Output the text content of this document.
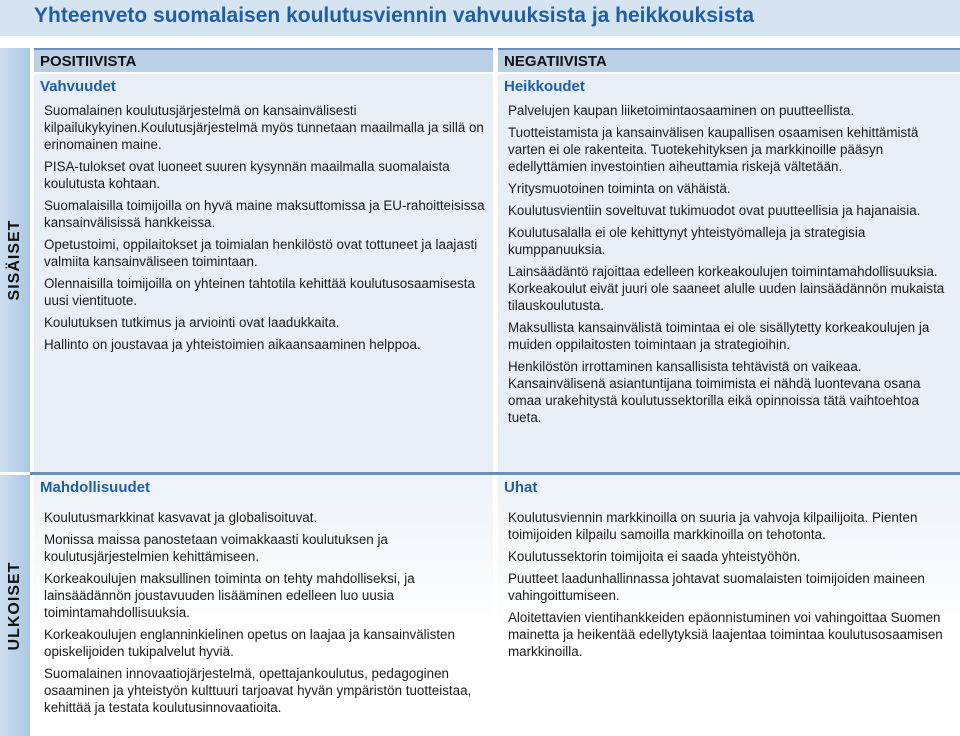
Yhteenveto suomalaisen koulutusviennin vahvuuksista ja heikkouksista
SISÄISET
ULKOISET
POSITIIVISTA	NEGATIIVISTA
Vahvuudet

Suomalainen koulutusjärjestelmä on kansainvälisesti kilpailukykyinen.Koulutusjärjestelmä myös tunnetaan maailmalla ja sillä on erinomainen maine.

PISA-tulokset ovat luoneet suuren kysynnän maailmalla suomalaista koulutusta kohtaan.

Suomalaisilla toimijoilla on hyvä maine maksuttomissa ja EU-rahoitteisissa kansainvälisissä hankkeissa.

Opetustoimi, oppilaitokset ja toimialan henkilöstö ovat tottuneet ja laajasti valmiita kansainväliseen toimintaan.

Olennaisilla toimijoilla on yhteinen tahtotila kehittää koulutusosaamisesta uusi vientituote.

Koulutuksen tutkimus ja arviointi ovat laadukkaita.

Hallinto on joustavaa ja yhteistoimien aikaansaaminen helppoa.

Heikkoudet

Palvelujen kaupan liiketoimintaosaaminen on puutteellista.

Tuotteistamista ja kansainvälisen kaupallisen osaamisen kehittämistä varten ei ole rakenteita. Tuotekehityksen ja markkinoille pääsyn edellyttämien investointien aiheuttamia riskejä vältetään.

Yritysmuotoinen toiminta on vähäistä.

Koulutusvientiin soveltuvat tukimuodot ovat puutteellisia ja hajanaisia.

Koulutusalalla ei ole kehittynyt yhteistyömalleja ja strategisia kumppanuuksia.

Lainsäädäntö rajoittaa edelleen korkeakoulujen toimintamahdollisuuksia. Korkeakoulut eivät juuri ole saaneet alulle uuden lainsäädännön mukaista tilauskoulutusta.

Maksullista kansainvälistä toimintaa ei ole sisällytetty korkeakoulujen ja muiden oppilaitosten toimintaan ja strategioihin.

Henkilöstön irrottaminen kansallisista tehtävistä on vaikeaa. Kansainvälisenä asiantuntijana toimimista ei nähdä luontevana osana omaa urakehitystä koulutussektorilla eikä opinnoissa tätä vaihtoehtoa tueta.

Mahdollisuudet

Koulutusmarkkinat kasvavat ja globalisoituvat.

Monissa maissa panostetaan voimakkaasti koulutuksen ja koulutusjärjestelmien kehittämiseen.

Korkeakoulujen maksullinen toiminta on tehty mahdolliseksi, ja lainsäädännön joustavuuden lisääminen edelleen luo uusia toimintamahdollisuuksia.

Korkeakoulujen englanninkielinen opetus on laajaa ja kansainvälisten opiskelijoiden tukipalvelut hyviä.

Suomalainen innovaatiojärjestelmä, opettajankoulutus, pedagoginen osaaminen ja yhteistyön kulttuuri tarjoavat hyvän ympäristön tuotteistaa, kehittää ja testata koulutusinnovaatioita.

Uhat

Koulutusviennin markkinoilla on suuria ja vahvoja kilpailijoita. Pienten toimijoiden kilpailu samoilla markkinoilla on tehotonta.

Koulutussektorin toimijoita ei saada yhteistyöhön.

Puutteet laadunhallinnassa johtavat suomalaisten toimijoiden maineen vahingoittumiseen.

Aloitettavien vientihankkeiden epäonnistuminen voi vahingoittaa Suomen mainetta ja heikentää edellytyksiä laajentaa toimintaa koulutusosaamisen markkinoilla.
